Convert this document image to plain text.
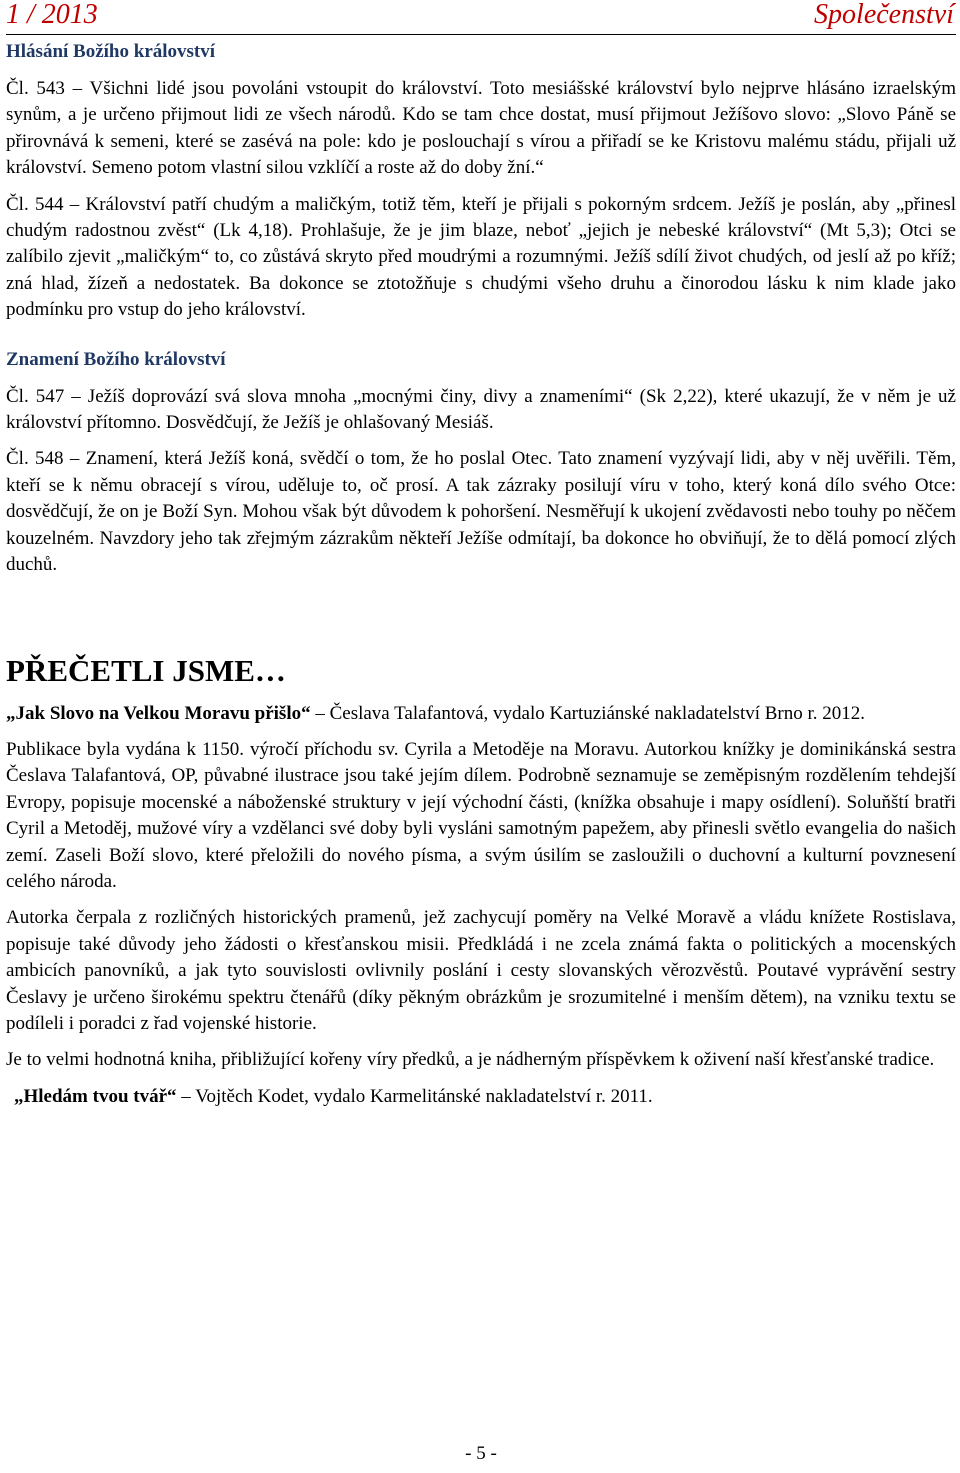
1 / 2013	Společenství
Hlásání Božího království

Čl. 543 – Všichni lidé jsou povoláni vstoupit do království. Toto mesiášské království bylo nejprve hlásáno izraelským synům, a je určeno přijmout lidi ze všech národů. Kdo se tam chce dostat, musí přijmout Ježíšovo slovo: „Slovo Páně se přirovnává k semeni, které se zasévá na pole: kdo je poslouchají s vírou a přiřadí se ke Kristovu malému stádu, přijali už království. Semeno potom vlastní silou vzklíčí a roste až do doby žní.“

Čl. 544 – Království patří chudým a maličkým, totiž těm, kteří je přijali s pokorným srdcem. Ježíš je poslán, aby „přinesl chudým radostnou zvěst“ (Lk 4,18). Prohlašuje, že je jim blaze, neboť „jejich je nebeské království“ (Mt 5,3); Otci se zalíbilo zjevit „maličkým“ to, co zůstává skryto před moudrými a rozumnými. Ježíš sdílí život chudých, od jeslí až po kříž; zná hlad, žízeň a nedostatek. Ba dokonce se ztotožňuje s chudými všeho druhu a činorodou lásku k nim klade jako podmínku pro vstup do jeho království.

Znamení Božího království

Čl. 547 – Ježíš doprovází svá slova mnoha „mocnými činy, divy a znameními“ (Sk 2,22), které ukazují, že v něm je už království přítomno. Dosvědčují, že Ježíš je ohlašovaný Mesiáš.

Čl. 548 – Znamení, která Ježíš koná, svědčí o tom, že ho poslal Otec. Tato znamení vyzývají lidi, aby v něj uvěřili. Těm, kteří se k němu obracejí s vírou, uděluje to, oč prosí. A tak zázraky posilují víru v toho, který koná dílo svého Otce: dosvědčují, že on je Boží Syn. Mohou však být důvodem k pohoršení. Nesměřují k ukojení zvědavosti nebo touhy po něčem kouzelném. Navzdory jeho tak zřejmým zázrakům někteří Ježíše odmítají, ba dokonce ho obviňují, že to dělá pomocí zlých duchů.

PŘEČETLI JSME…

„Jak Slovo na Velkou Moravu přišlo“ – Česlava Talafantová, vydalo Kartuziánské nakladatelství Brno r. 2012.

Publikace byla vydána k 1150. výročí příchodu sv. Cyrila a Metoděje na Moravu. Autorkou knížky je dominikánská sestra Česlava Talafantová, OP, půvabné ilustrace jsou také jejím dílem. Podrobně seznamuje se zeměpisným rozdělením tehdejší Evropy, popisuje mocenské a náboženské struktury v její východní části, (knížka obsahuje i mapy osídlení). Soluňští bratři Cyril a Metoděj, mužové víry a vzdělanci své doby byli vysláni samotným papežem, aby přinesli světlo evangelia do našich zemí. Zaseli Boží slovo, které přeložili do nového písma, a svým úsilím se zasloužili o duchovní a kulturní povznesení celého národa.

Autorka čerpala z rozličných historických pramenů, jež zachycují poměry na Velké Moravě a vládu knížete Rostislava, popisuje také důvody jeho žádosti o křesťanskou misii. Předkládá i ne zcela známá fakta o politických a mocenských ambicích panovníků, a jak tyto souvislosti ovlivnily poslání i cesty slovanských věrozvěstů. Poutavé vyprávění sestry Česlavy je určeno širokému spektru čtenářů (díky pěkným obrázkům je srozumitelné i menším dětem), na vzniku textu se podíleli i poradci z řad vojenské historie.

Je to velmi hodnotná kniha, přibližující kořeny víry předků, a je nádherným příspěvkem k oživení naší křesťanské tradice.

„Hledám tvou tvář“ – Vojtěch Kodet, vydalo Karmelitánské nakladatelství r. 2011.

- 5 -
